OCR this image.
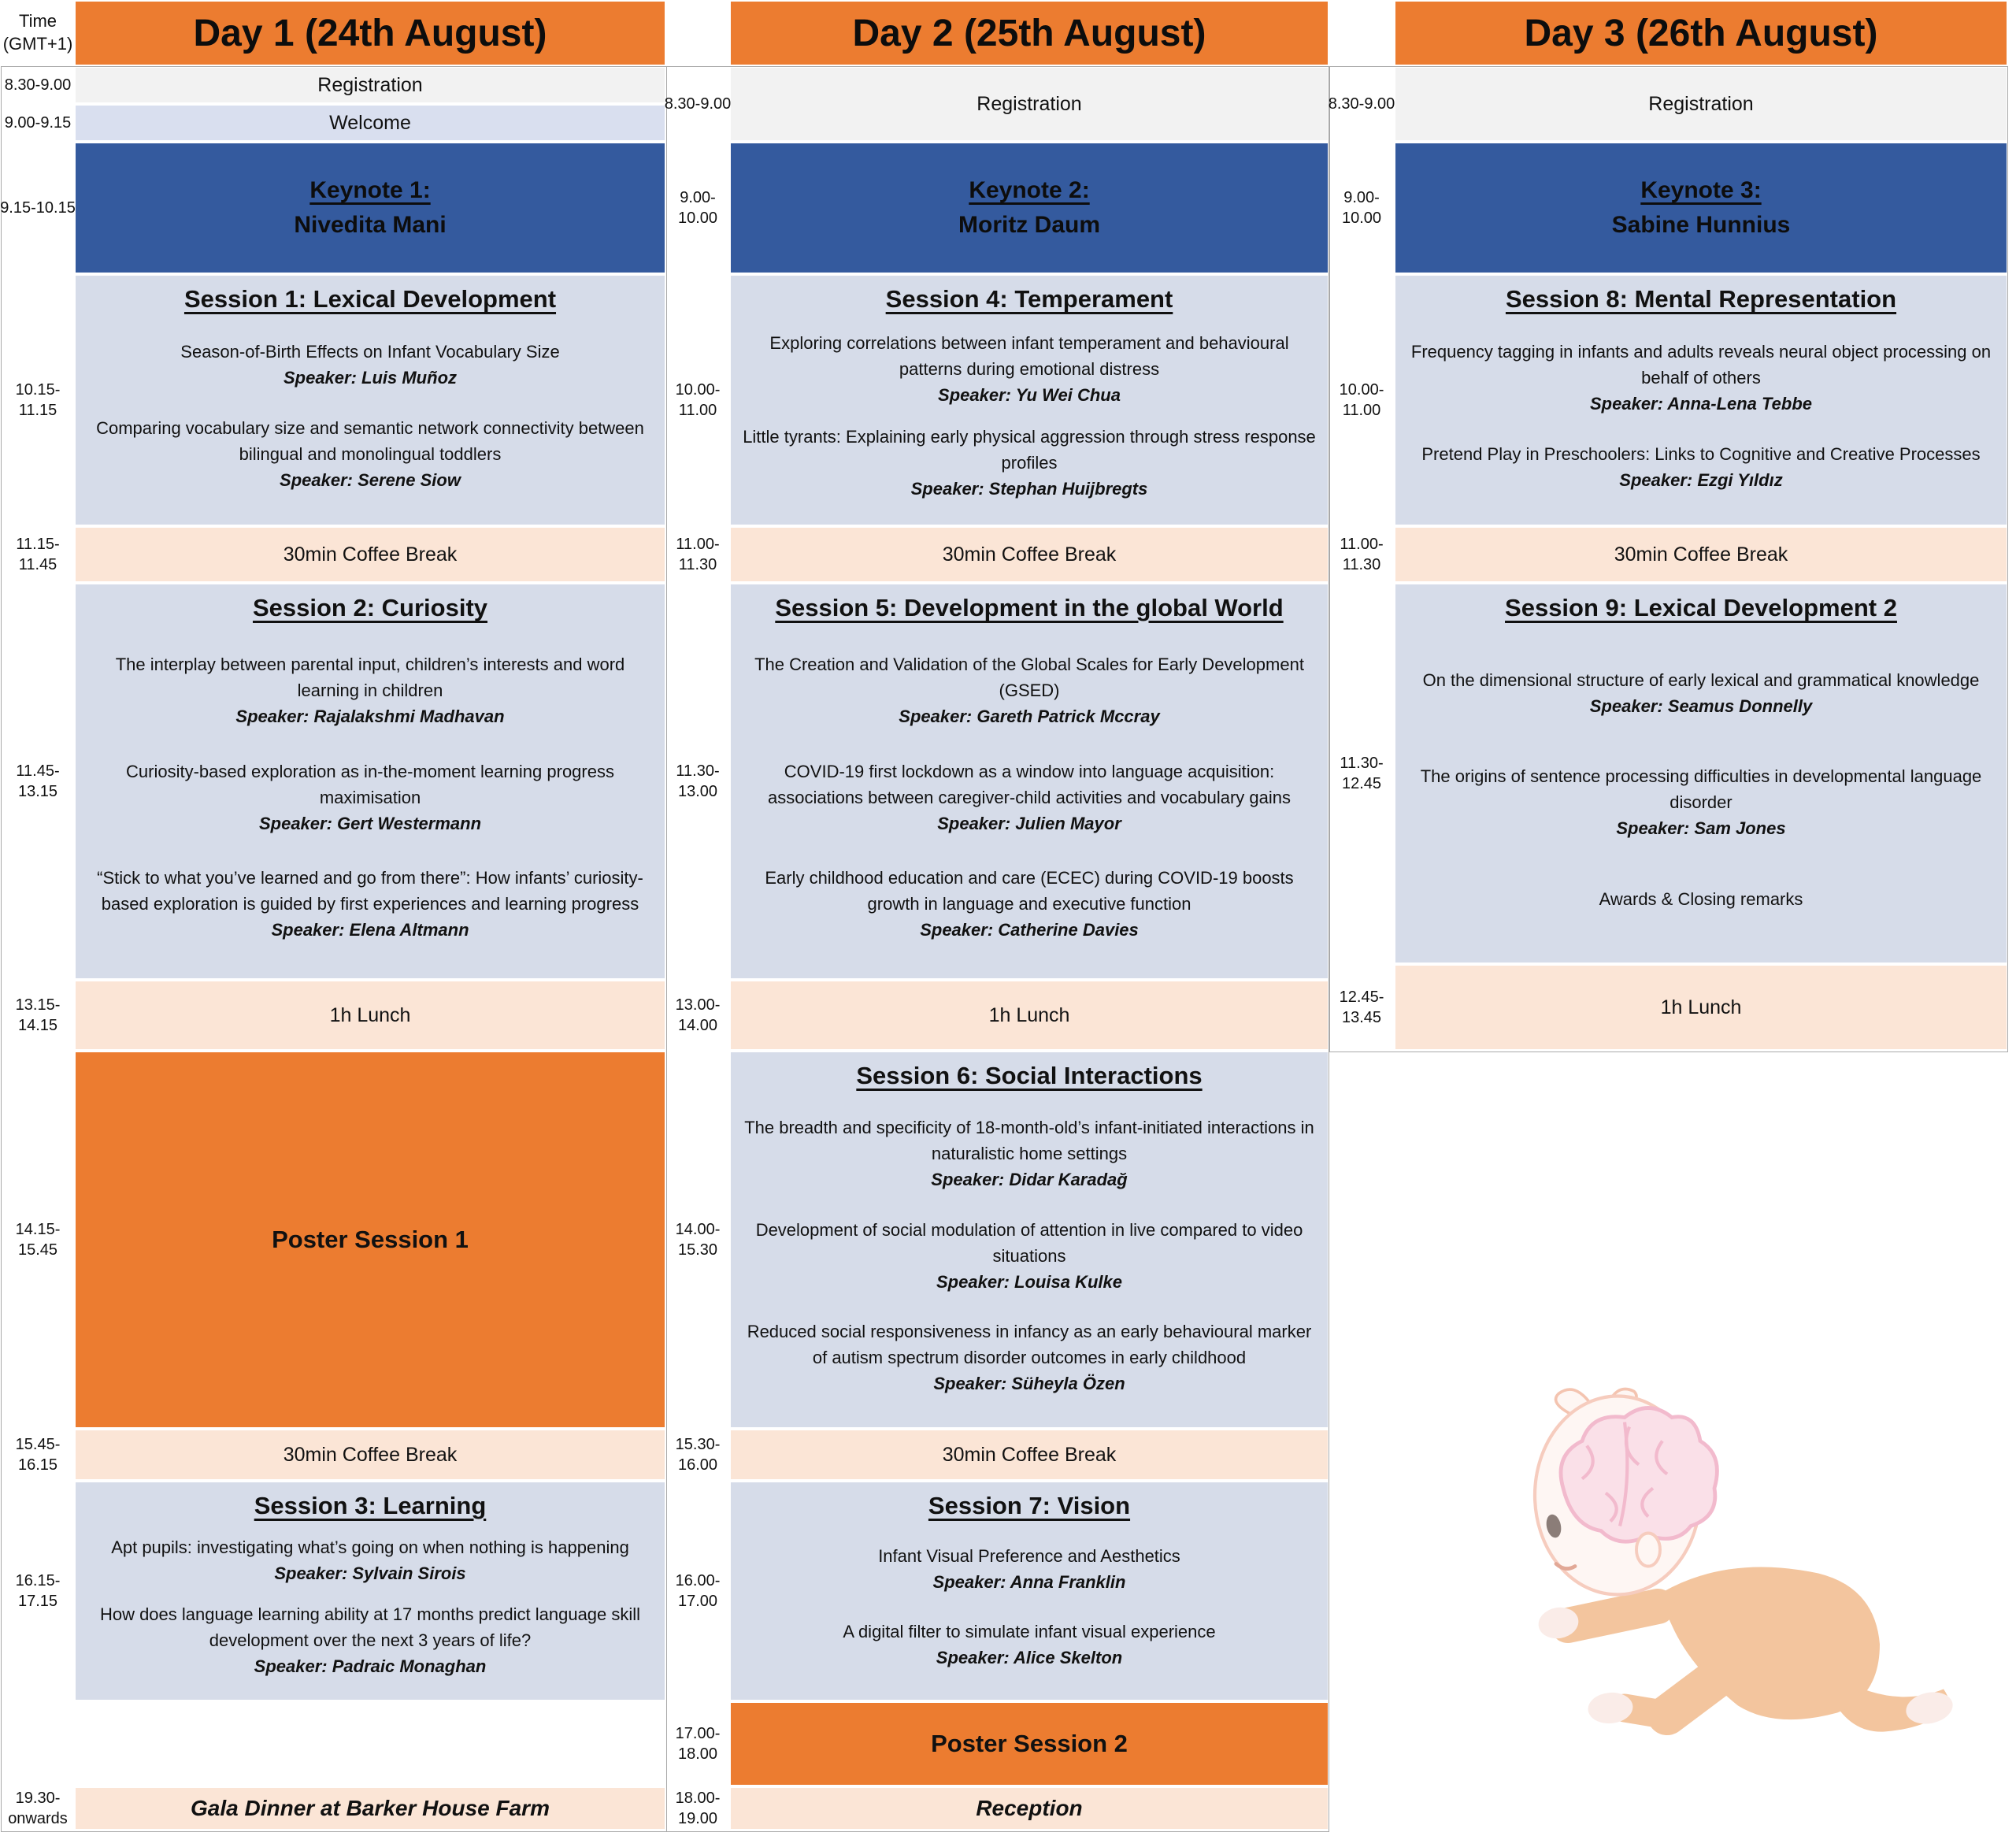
Time
(GMT+1)	Day 1 (24th August)
8.30-9.00
9.00-9.15
9.15-10.15
10.15-
11.15
11.15-
11.45
11.45-
13.15
13.15-
14.15
14.15-
15.45
15.45-
16.15
16.15-
17.15
19.30-
onwards
Registration
Welcome
Keynote 1:
Nivedita Mani
Session 1: Lexical Development
Season-of-Birth Effects on Infant Vocabulary Size
Speaker: Luis Muñoz
Comparing vocabulary size and semantic network connectivity between bilingual and monolingual toddlers
Speaker: Serene Siow
30min Coffee Break
Session 2: Curiosity
The interplay between parental input, children’s interests and word learning in children
Speaker: Rajalakshmi Madhavan
Curiosity-based exploration as in-the-moment learning progress maximisation
Speaker: Gert Westermann
“Stick to what you’ve learned and go from there”: How infants’ curiosity-based exploration is guided by first experiences and learning progress
Speaker: Elena Altmann
1h Lunch
Poster Session 1
30min Coffee Break
Session 3: Learning
Apt pupils: investigating what’s going on when nothing is happening
Speaker: Sylvain Sirois
How does language learning ability at 17 months predict language skill development over the next 3 years of life?
Speaker: Padraic Monaghan
Gala Dinner at Barker House Farm
Day 2 (25th August)
8.30-9.00
9.00-
10.00
10.00-
11.00
11.00-
11.30
11.30-
13.00
13.00-
14.00
14.00-
15.30
15.30-
16.00
16.00-
17.00
17.00-
18.00
18.00-
19.00
Registration
Keynote 2:
Moritz Daum
Session 4: Temperament
Exploring correlations between infant temperament and behavioural patterns during emotional distress
Speaker: Yu Wei Chua
Little tyrants: Explaining early physical aggression through stress response profiles
Speaker: Stephan Huijbregts
30min Coffee Break
Session 5: Development in the global World
The Creation and Validation of the Global Scales for Early Development (GSED)
Speaker: Gareth Patrick Mccray
COVID-19 first lockdown as a window into language acquisition: associations between caregiver-child activities and vocabulary gains
Speaker: Julien Mayor
Early childhood education and care (ECEC) during COVID-19 boosts growth in language and executive function
Speaker: Catherine Davies
1h Lunch
Session 6: Social Interactions
The breadth and specificity of 18-month-old’s infant-initiated interactions in naturalistic home settings
Speaker: Didar Karadağ
Development of social modulation of attention in live compared to video situations
Speaker: Louisa Kulke
Reduced social responsiveness in infancy as an early behavioural marker of autism spectrum disorder outcomes in early childhood
Speaker: Süheyla Özen
30min Coffee Break
Session 7: Vision
Infant Visual Preference and Aesthetics
Speaker: Anna Franklin
A digital filter to simulate infant visual experience
Speaker: Alice Skelton
Poster Session 2
Reception
Day 3 (26th August)
8.30-9.00
9.00-
10.00
10.00-
11.00
11.00-
11.30
11.30-
12.45
12.45-
13.45
Registration
Keynote 3:
Sabine Hunnius
Session 8: Mental Representation
Frequency tagging in infants and adults reveals neural object processing on behalf of others
Speaker: Anna-Lena Tebbe
Pretend Play in Preschoolers: Links to Cognitive and Creative Processes
Speaker: Ezgi Yıldız
30min Coffee Break
Session 9: Lexical Development 2
On the dimensional structure of early lexical and grammatical knowledge
Speaker: Seamus Donnelly
The origins of sentence processing difficulties in developmental language disorder
Speaker: Sam Jones
Awards & Closing remarks
1h Lunch
